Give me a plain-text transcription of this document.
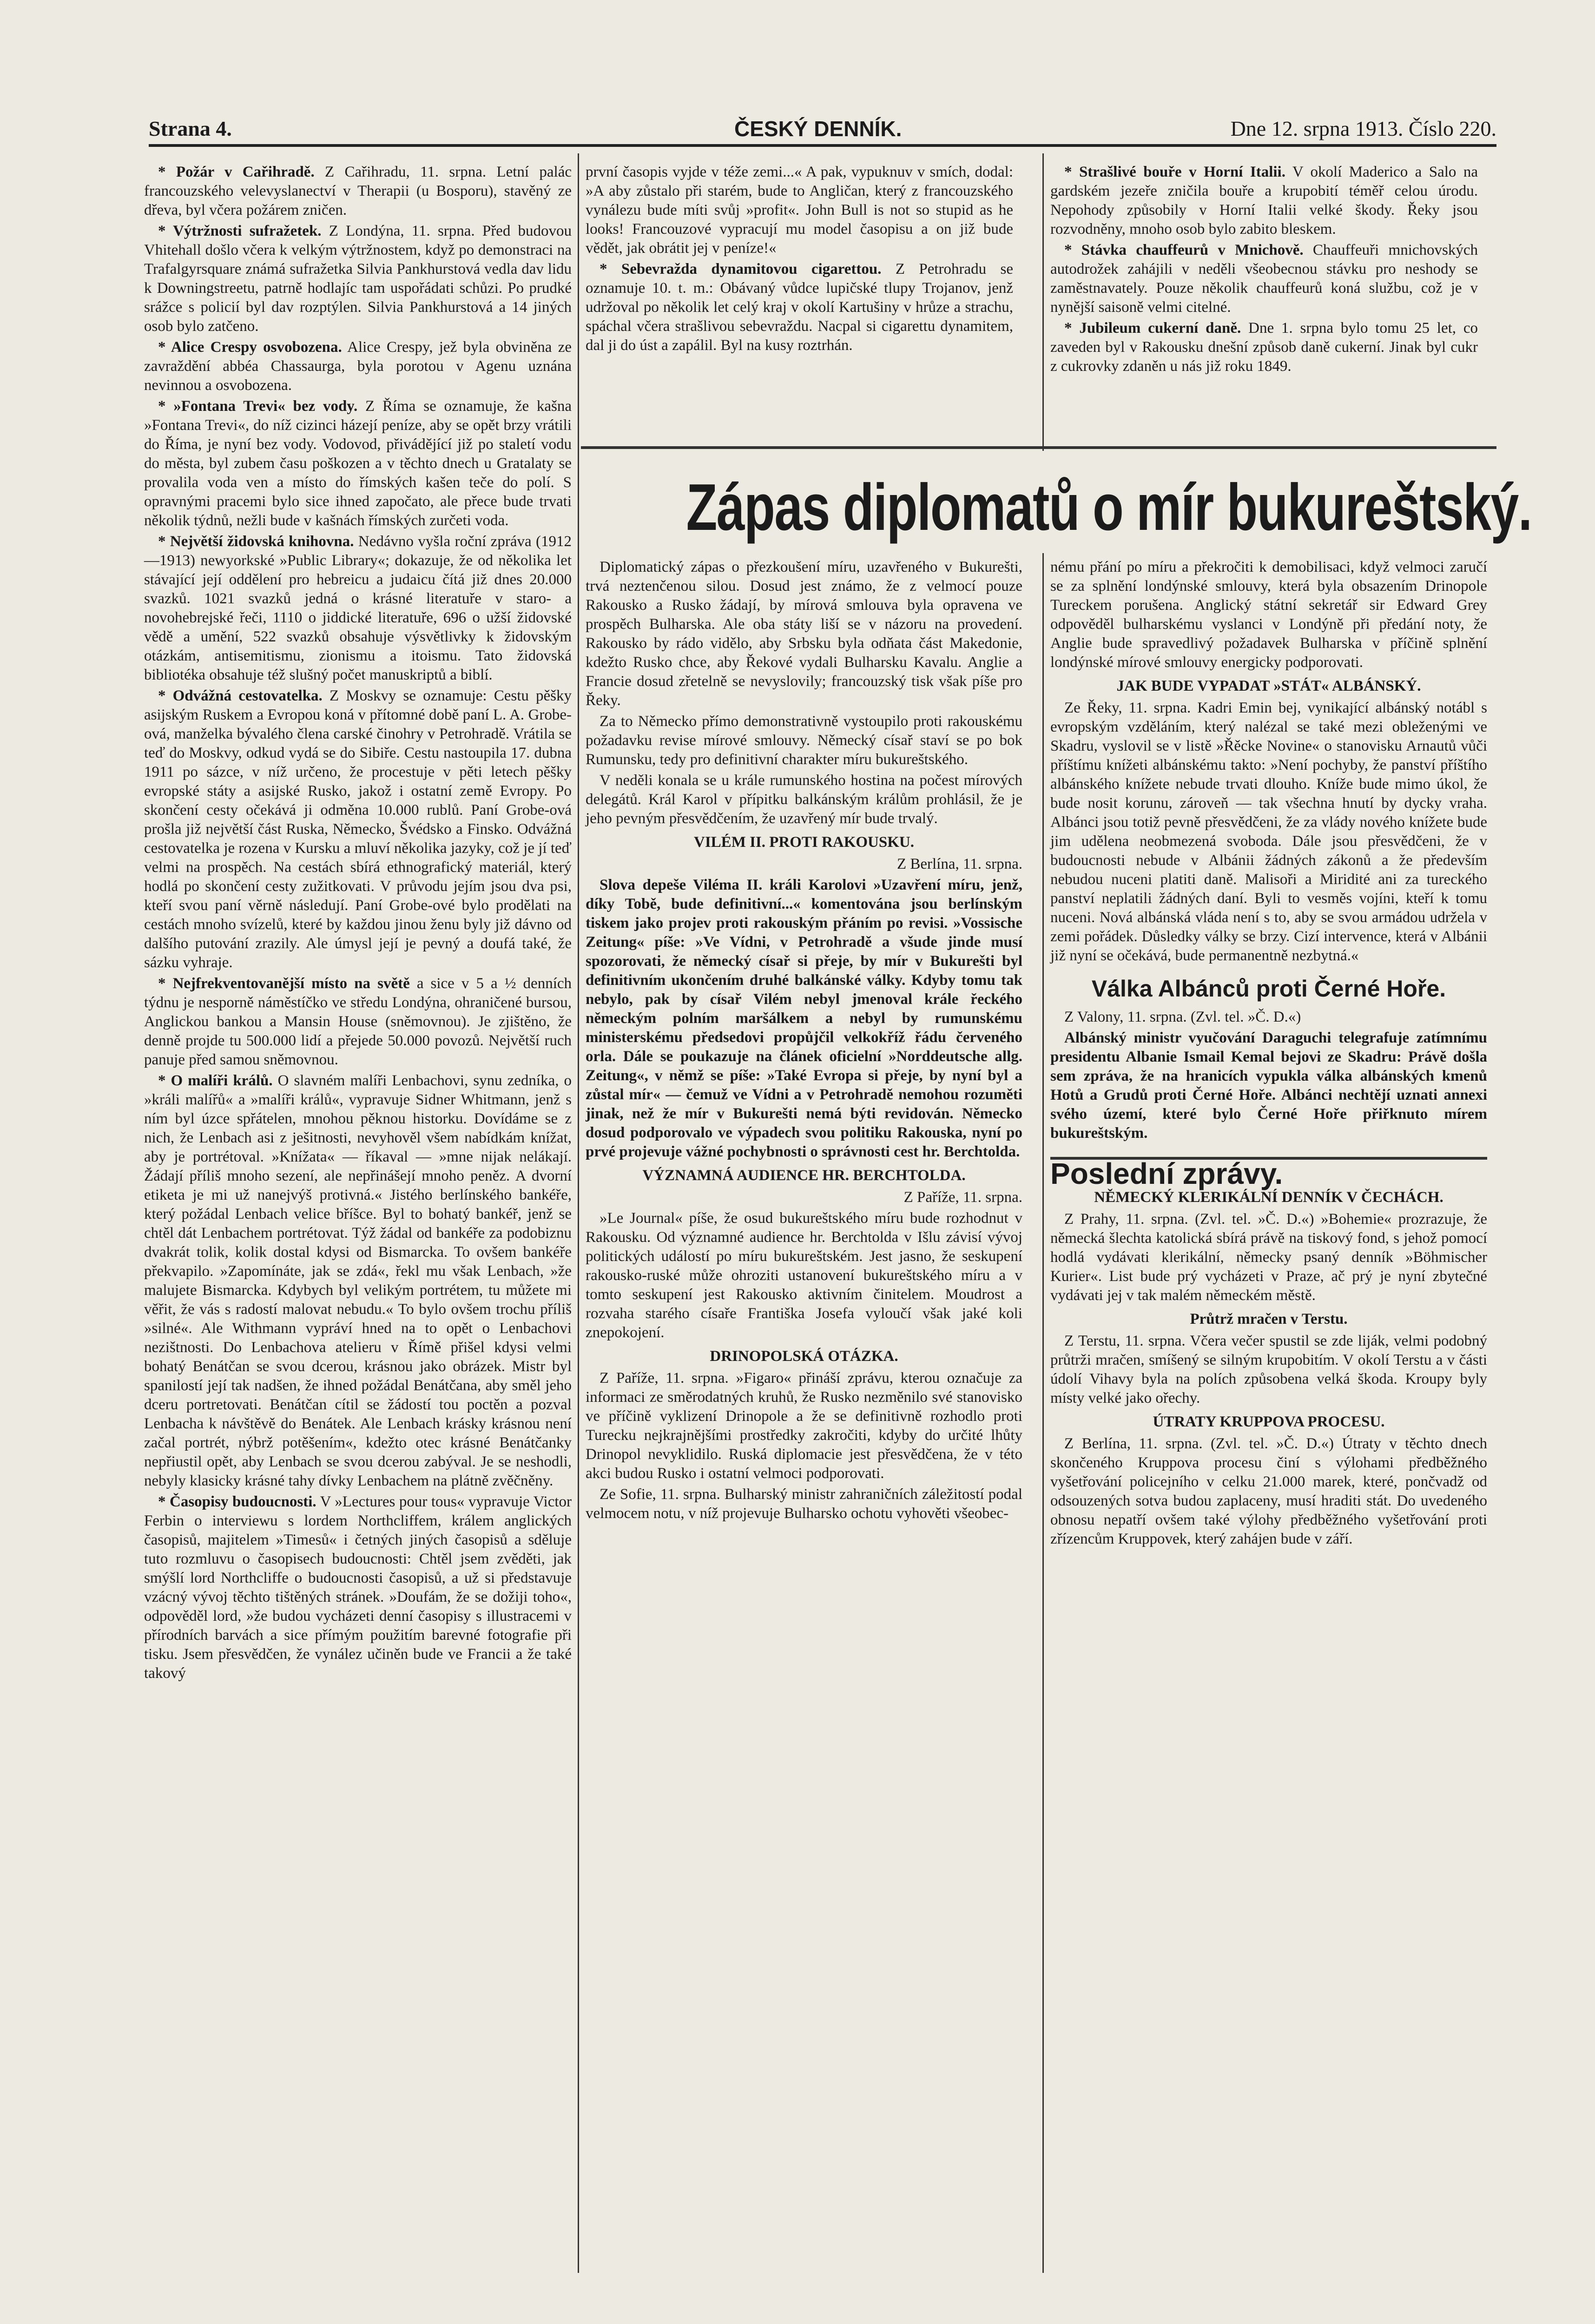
Strana 4.	ČESKÝ DENNÍK.	Dne 12. srpna 1913. Číslo 220.

* Požár v Cařihradě. Z Cařihradu, 11. srpna. Letní palác francouzského velevyslanectví v Therapii (u Bosporu), stavěný ze dřeva, byl včera požárem zničen.

* Výtržnosti sufražetek. Z Londýna, 11. srpna. Před budovou Vhitehall došlo včera k velkým výtržnostem, když po demonstraci na Trafalgyrsquare známá sufražetka Silvia Pankhurstová vedla dav lidu k Downingstreetu, patrně hodlajíc tam uspořádati schůzi. Po prudké srážce s policií byl dav rozptýlen. Silvia Pankhurstová a 14 jiných osob bylo zatčeno.

* Alice Crespy osvobozena. Alice Crespy, jež byla obviněna ze zavraždění abbéa Chassaurga, byla porotou v Agenu uznána nevinnou a osvobozena.

* »Fontana Trevi« bez vody. Z Říma se oznamuje, že kašna »Fontana Trevi«, do níž cizinci házejí peníze, aby se opět brzy vrátili do Říma, je nyní bez vody. Vodovod, přivádějící již po staletí vodu do města, byl zubem času poškozen a v těchto dnech u Gratalaty se provalila voda ven a místo do římských kašen teče do polí. S opravnými pracemi bylo sice ihned započato, ale přece bude trvati několik týdnů, nežli bude v kašnách římských zurčeti voda.

* Největší židovská knihovna. Nedávno vyšla roční zpráva (1912—1913) newyorkské »Public Library«; dokazuje, že od několika let stávající její oddělení pro hebreicu a judaicu čítá již dnes 20.000 svazků. 1021 svazků jedná o krásné literatuře v staro- a novohebrejské řeči, 1110 o jiddické literatuře, 696 o užší židovské vědě a umění, 522 svazků obsahuje výsvětlivky k židovským otázkám, antisemitismu, zionismu a itoismu. Tato židovská bibliotéka obsahuje též slušný počet manuskriptů a biblí.

* Odvážná cestovatelka. Z Moskvy se oznamuje: Cestu pěšky asijským Ruskem a Evropou koná v přítomné době paní L. A. Grobe-ová, manželka bývalého člena carské činohry v Petrohradě. Vrátila se teď do Moskvy, odkud vydá se do Sibiře. Cestu nastoupila 17. dubna 1911 po sázce, v níž určeno, že procestuje v pěti letech pěšky evropské státy a asijské Rusko, jakož i ostatní země Evropy. Po skončení cesty očekává ji odměna 10.000 rublů. Paní Grobe-ová prošla již největší část Ruska, Německo, Švédsko a Finsko. Odvážná cestovatelka je rozena v Kursku a mluví několika jazyky, což je jí teď velmi na prospěch. Na cestách sbírá ethnografický materiál, který hodlá po skončení cesty zužitkovati. V průvodu jejím jsou dva psi, kteří svou paní věrně následují. Paní Grobe-ové bylo prodělati na cestách mnoho svízelů, které by každou jinou ženu byly již dávno od dalšího putování zrazily. Ale úmysl její je pevný a doufá také, že sázku vyhraje.

* Nejfrekventovanější místo na světě a sice v 5 a ½ denních týdnu je nesporně náměstíčko ve středu Londýna, ohraničené bursou, Anglickou bankou a Mansin House (sněmovnou). Je zjištěno, že denně projde tu 500.000 lidí a přejede 50.000 povozů. Největší ruch panuje před samou sněmovnou.

* O malíři králů. O slavném malíři Lenbachovi, synu zedníka, o »králi malířů« a »malíři králů«, vypravuje Sidner Whitmann, jenž s ním byl úzce spřátelen, mnohou pěknou historku. Dovídáme se z nich, že Lenbach asi z ješitnosti, nevyhověl všem nabídkám knížat, aby je portrétoval. »Knížata« — říkaval — »mne nijak nelákají. Žádají příliš mnoho sezení, ale nepřinášejí mnoho peněz. A dvorní etiketa je mi už nanejvýš protivná.« Jistého berlínského bankéře, který požádal Lenbach velice bříšce. Byl to bohatý bankéř, jenž se chtěl dát Lenbachem portrétovat. Týž žádal od bankéře za podobiznu dvakrát tolik, kolik dostal kdysi od Bismarcka. To ovšem bankéře překvapilo. »Zapomínáte, jak se zdá«, řekl mu však Lenbach, »že malujete Bismarcka. Kdybych byl velikým portrétem, tu můžete mi věřit, že vás s radostí malovat nebudu.« To bylo ovšem trochu příliš »silné«. Ale Withmann vypráví hned na to opět o Lenbachovi nezištnosti. Do Lenbachova atelieru v Římě přišel kdysi velmi bohatý Benátčan se svou dcerou, krásnou jako obrázek. Mistr byl spanilostí její tak nadšen, že ihned požádal Benátčana, aby směl jeho dceru portretovati. Benátčan cítil se žádostí tou poctěn a pozval Lenbacha k návštěvě do Benátek. Ale Lenbach krásky krásnou není začal portrét, nýbrž potěšením«, kdežto otec krásné Benátčanky nepřiustil opět, aby Lenbach se svou dcerou zabýval. Je se neshodli, nebyly klasicky krásné tahy dívky Lenbachem na plátně zvěčněny.

* Časopisy budoucnosti. V »Lectures pour tous« vypravuje Victor Ferbin o interviewu s lordem Northcliffem, králem anglických časopisů, majitelem »Timesů« i četných jiných časopisů a sděluje tuto rozmluvu o časopisech budoucnosti: Chtěl jsem zvěděti, jak smýšlí lord Northcliffe o budoucnosti časopisů, a už si představuje vzácný vývoj těchto tištěných stránek. »Doufám, že se dožiji toho«, odpověděl lord, »že budou vycházeti denní časopisy s illustracemi v přírodních barvách a sice přímým použitím barevné fotografie při tisku. Jsem přesvědčen, že vynález učiněn bude ve Francii a že také takový

první časopis vyjde v téže zemi...« A pak, vypuknuv v smích, dodal: »A aby zůstalo při starém, bude to Angličan, který z francouzského vynálezu bude míti svůj »profit«. John Bull is not so stupid as he looks! Francouzové vypracují mu model časopisu a on již bude vědět, jak obrátit jej v peníze!«

* Sebevražda dynamitovou cigarettou. Z Petrohradu se oznamuje 10. t. m.: Obávaný vůdce lupičské tlupy Trojanov, jenž udržoval po několik let celý kraj v okolí Kartušiny v hrůze a strachu, spáchal včera strašlivou sebevraždu. Nacpal si cigarettu dynamitem, dal ji do úst a zapálil. Byl na kusy roztrhán.

* Strašlivé bouře v Horní Italii. V okolí Maderico a Salo na gardském jezeře zničila bouře a krupobití téměř celou úrodu. Nepohody způsobily v Horní Italii velké škody. Řeky jsou rozvodněny, mnoho osob bylo zabito bleskem.

* Stávka chauffeurů v Mnichově. Chauffeuři mnichovských autodrožek zahájili v neděli všeobecnou stávku pro neshody se zaměstnavately. Pouze několik chauffeurů koná službu, což je v nynější saisoně velmi citelné.

* Jubileum cukerní daně. Dne 1. srpna bylo tomu 25 let, co zaveden byl v Rakousku dnešní způsob daně cukerní. Jinak byl cukr z cukrovky zdaněn u nás již roku 1849.

Zápas diplomatů o mír bukureštský.

Diplomatický zápas o přezkoušení míru, uzavřeného v Bukurešti, trvá neztenčenou silou. Dosud jest známo, že z velmocí pouze Rakousko a Rusko žádají, by mírová smlouva byla opravena ve prospěch Bulharska. Ale oba státy liší se v názoru na provedení. Rakousko by rádo vidělo, aby Srbsku byla odňata část Makedonie, kdežto Rusko chce, aby Řekové vydali Bulharsku Kavalu. Anglie a Francie dosud zřetelně se nevyslovily; francouzský tisk však píše pro Řeky.

Za to Německo přímo demonstrativně vystoupilo proti rakouskému požadavku revise mírové smlouvy. Německý císař staví se po bok Rumunsku, tedy pro definitivní charakter míru bukureštského.

V neděli konala se u krále rumunského hostina na počest mírových delegátů. Král Karol v přípitku balkánským králům prohlásil, že je jeho pevným přesvědčením, že uzavřený mír bude trvalý.

VILÉM II. PROTI RAKOUSKU.
Z Berlína, 11. srpna.

Slova depeše Viléma II. králi Karolovi »Uzavření míru, jenž, díky Tobě, bude definitivní...« komentována jsou berlínským tiskem jako projev proti rakouským přáním po revisi. »Vossische Zeitung« píše: »Ve Vídni, v Petrohradě a všude jinde musí spozorovati, že německý císař si přeje, by mír v Bukurešti byl definitivním ukončením druhé balkánské války. Kdyby tomu tak nebylo, pak by císař Vilém nebyl jmenoval krále řeckého německým polním maršálkem a nebyl by rumunskému ministerskému předsedovi propůjčil velkokříž řádu červeného orla. Dále se poukazuje na článek oficielní »Norddeutsche allg. Zeitung«, v němž se píše: »Také Evropa si přeje, by nyní byl a zůstal mír« — čemuž ve Vídni a v Petrohradě nemohou rozuměti jinak, než že mír v Bukurešti nemá býti revidován. Německo dosud podporovalo ve výpadech svou politiku Rakouska, nyní po prvé projevuje vážné pochybnosti o správnosti cest hr. Berchtolda.

VÝZNAMNÁ AUDIENCE HR. BERCHTOLDA.
Z Paříže, 11. srpna.

»Le Journal« píše, že osud bukureštského míru bude rozhodnut v Rakousku. Od významné audience hr. Berchtolda v Išlu závisí vývoj politických událostí po míru bukureštském. Jest jasno, že seskupení rakousko-ruské může ohroziti ustanovení bukureštského míru a v tomto seskupení jest Rakousko aktivním činitelem. Moudrost a rozvaha starého císaře Františka Josefa vyloučí však jaké koli znepokojení.

DRINOPOLSKÁ OTÁZKA.

Z Paříže, 11. srpna. »Figaro« přináší zprávu, kterou označuje za informaci ze směrodatných kruhů, že Rusko nezměnilo své stanovisko ve příčině vyklizení Drinopole a že se definitivně rozhodlo proti Turecku nejkrajnějšími prostředky zakročiti, kdyby do určité lhůty Drinopol nevyklidilo. Ruská diplomacie jest přesvědčena, že v této akci budou Rusko i ostatní velmoci podporovati.

Ze Sofie, 11. srpna. Bulharský ministr zahraničních záležitostí podal velmocem notu, v níž projevuje Bulharsko ochotu vyhověti všeobec-

nému přání po míru a překročiti k demobilisaci, když velmoci zaručí se za splnění londýnské smlouvy, která byla obsazením Drinopole Tureckem porušena. Anglický státní sekretář sir Edward Grey odpověděl bulharskému vyslanci v Londýně při předání noty, že Anglie bude spravedlivý požadavek Bulharska v příčině splnění londýnské mírové smlouvy energicky podporovati.

JAK BUDE VYPADAT »STÁT« ALBÁNSKÝ.

Ze Řeky, 11. srpna. Kadri Emin bej, vynikající albánský notábl s evropským vzděláním, který nalézal se také mezi obleženými ve Skadru, vyslovil se v listě »Řěcke Novine« o stanovisku Arnautů vůči příštímu knížeti albánskému takto: »Není pochyby, že panství příštího albánského knížete nebude trvati dlouho. Kníže bude mimo úkol, že bude nosit korunu, zároveň — tak všechna hnutí by dycky vraha. Albánci jsou totiž pevně přesvědčeni, že za vlády nového knížete bude jim udělena neobmezená svoboda. Dále jsou přesvědčeni, že v budoucnosti nebude v Albánii žádných zákonů a že především nebudou nuceni platiti daně. Malisoři a Miridité ani za tureckého panství neplatili žádných daní. Byli to vesměs vojíni, kteří k tomu nuceni. Nová albánská vláda není s to, aby se svou armádou udržela v zemi pořádek. Důsledky války se brzy. Cizí intervence, která v Albánii již nyní se očekává, bude permanentně nezbytná.«

Válka Albánců proti Černé Hoře.

Z Valony, 11. srpna. (Zvl. tel. »Č. D.«)

Albánský ministr vyučování Daraguchi telegrafuje zatímnímu presidentu Albanie Ismail Kemal bejovi ze Skadru: Právě došla sem zpráva, že na hranicích vypukla válka albánských kmenů Hotů a Grudů proti Černé Hoře. Albánci nechtějí uznati annexi svého území, které bylo Černé Hoře přiřknuto mírem bukureštským.

Poslední zprávy.
NĚMECKÝ KLERIKÁLNÍ DENNÍK V ČECHÁCH.

Z Prahy, 11. srpna. (Zvl. tel. »Č. D.«) »Bohemie« prozrazuje, že německá šlechta katolická sbírá právě na tiskový fond, s jehož pomocí hodlá vydávati klerikální, německy psaný denník »Böhmischer Kurier«. List bude prý vycházeti v Praze, ač prý je nyní zbytečné vydávati jej v tak malém německém městě.

Průtrž mračen v Terstu.

Z Terstu, 11. srpna. Včera večer spustil se zde liják, velmi podobný průtrži mračen, smíšený se silným krupobitím. V okolí Terstu a v části údolí Vihavy byla na polích způsobena velká škoda. Kroupy byly místy velké jako ořechy.

ÚTRATY KRUPPOVA PROCESU.

Z Berlína, 11. srpna. (Zvl. tel. »Č. D.«) Útraty v těchto dnech skončeného Kruppova procesu činí s výlohami předběžného vyšetřování policejního v celku 21.000 marek, které, pončvadž od odsouzených sotva budou zaplaceny, musí hraditi stát. Do uvedeného obnosu nepatří ovšem také výlohy předběžného vyšetřování proti zřízencům Kruppovek, který zahájen bude v září.
